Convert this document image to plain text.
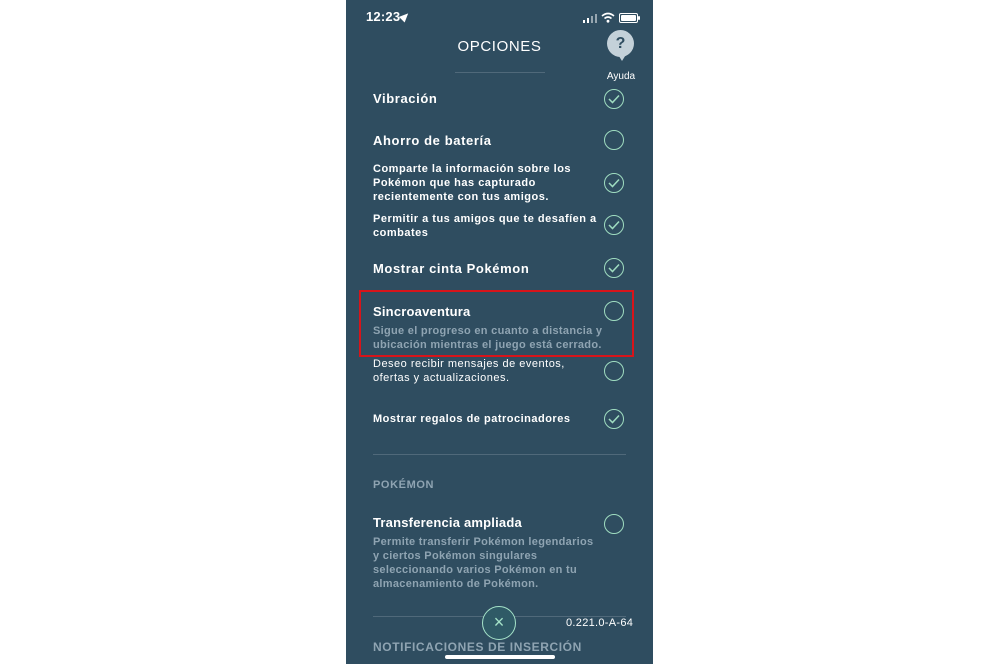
12:23
OPCIONES	?
Ayuda
Vibración
Ahorro de batería
Comparte la información sobre los Pokémon que has capturado recientemente con tus amigos.
Permitir a tus amigos que te desafíen a combates
Mostrar cinta Pokémon
Sincroaventura
Sigue el progreso en cuanto a distancia y ubicación mientras el juego está cerrado.
Deseo recibir mensajes de eventos, ofertas y actualizaciones.
Mostrar regalos de patrocinadores
POKÉMON
Transferencia ampliada
Permite transferir Pokémon legendarios y ciertos Pokémon singulares seleccionando varios Pokémon en tu almacenamiento de Pokémon.
NOTIFICACIONES DE INSERCIÓN
×	0.221.0-A-64
